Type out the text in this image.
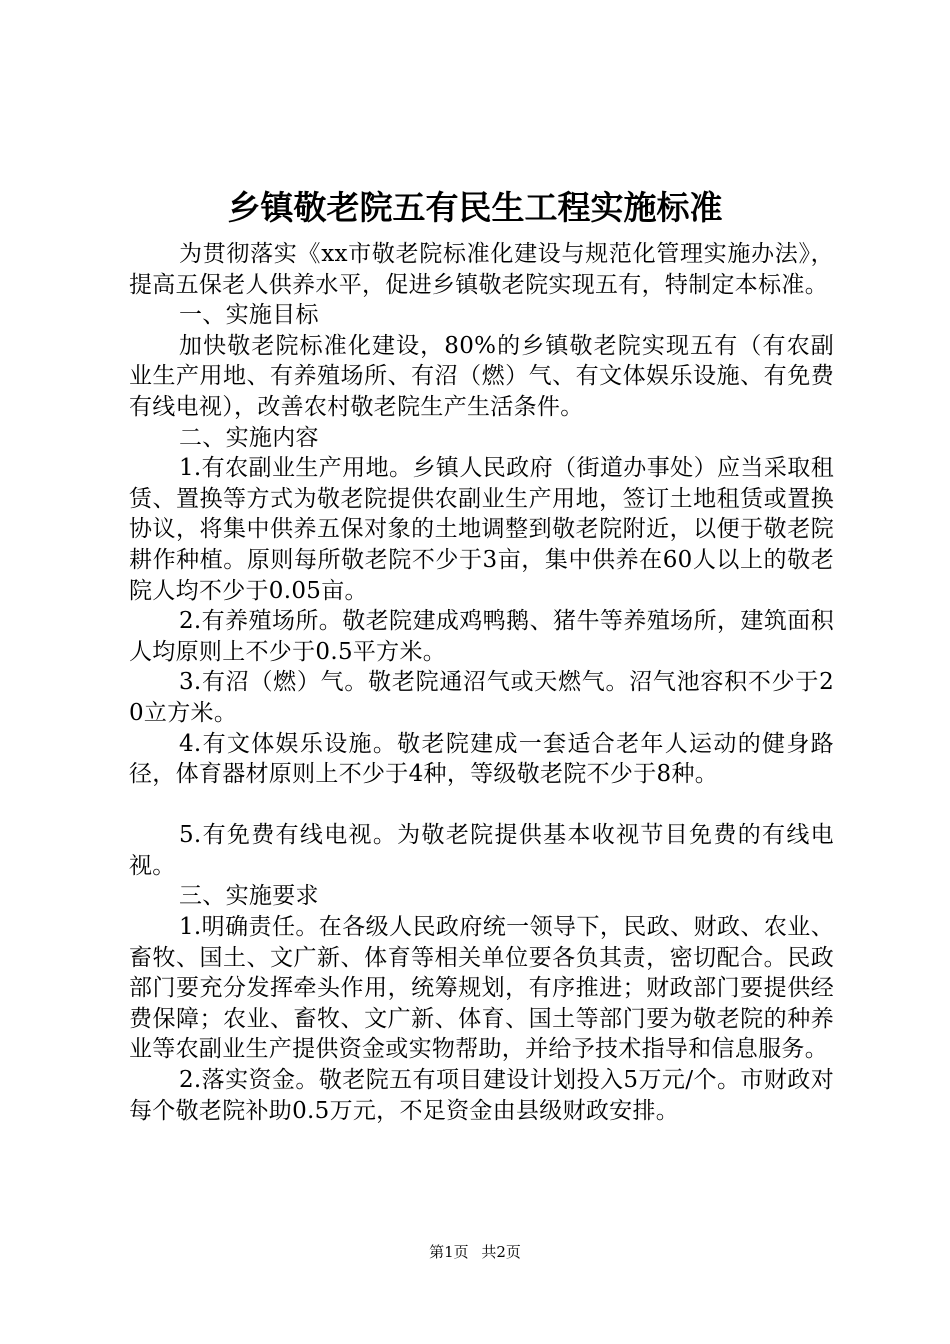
乡镇敬老院五有民生工程实施标准

为贯彻落实《xx市敬老院标准化建设与规范化管理实施办法》，提高五保老人供养水平，促进乡镇敬老院实现五有，特制定本标准。

一、实施目标

加快敬老院标准化建设，80%的乡镇敬老院实现五有（有农副业生产用地、有养殖场所、有沼（燃）气、有文体娱乐设施、有免费有线电视），改善农村敬老院生产生活条件。

二、实施内容

1.有农副业生产用地。乡镇人民政府（街道办事处）应当采取租赁、置换等方式为敬老院提供农副业生产用地，签订土地租赁或置换协议，将集中供养五保对象的土地调整到敬老院附近，以便于敬老院耕作种植。原则每所敬老院不少于3亩，集中供养在60人以上的敬老院人均不少于0.05亩。

2.有养殖场所。敬老院建成鸡鸭鹅、猪牛等养殖场所，建筑面积人均原则上不少于0.5平方米。

3.有沼（燃）气。敬老院通沼气或天燃气。沼气池容积不少于20立方米。

4.有文体娱乐设施。敬老院建成一套适合老年人运动的健身路径，体育器材原则上不少于4种，等级敬老院不少于8种。

5.有免费有线电视。为敬老院提供基本收视节目免费的有线电视。

三、实施要求

1.明确责任。在各级人民政府统一领导下，民政、财政、农业、畜牧、国土、文广新、体育等相关单位要各负其责，密切配合。民政部门要充分发挥牵头作用，统筹规划，有序推进；财政部门要提供经费保障；农业、畜牧、文广新、体育、国土等部门要为敬老院的种养业等农副业生产提供资金或实物帮助，并给予技术指导和信息服务。

2.落实资金。敬老院五有项目建设计划投入5万元/个。市财政对每个敬老院补助0.5万元，不足资金由县级财政安排。

第1页 共2页
